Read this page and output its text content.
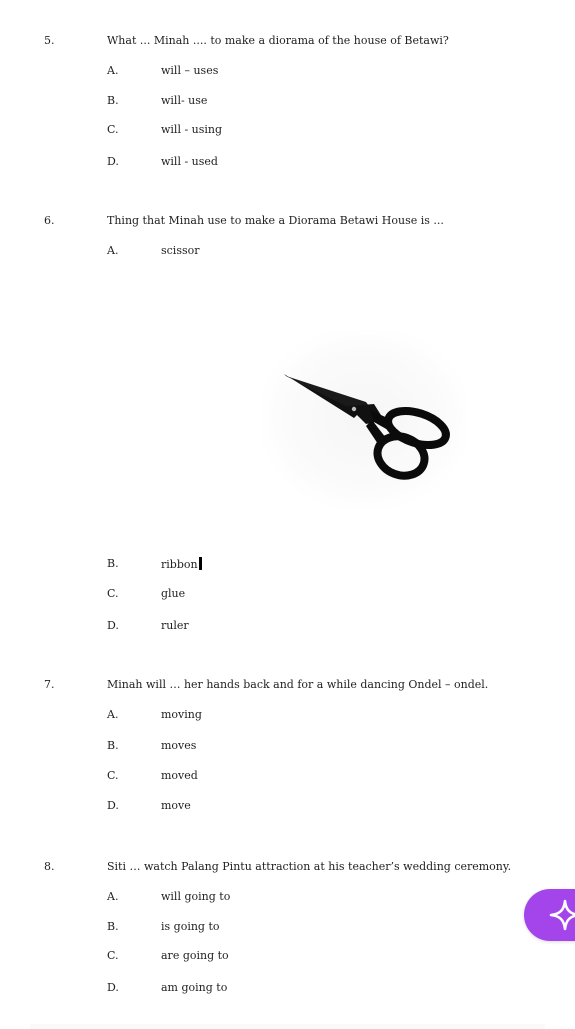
5.	What ... Minah .... to make a diorama of the house of Betawi?
A.	will – uses
B.	will- use
C.	will - using
D.	will - used
6.	Thing that Minah use to make a Diorama Betawi House is ...
A.	scissor
B.	ribbon
C.	glue
D.	ruler
7.	Minah will … her hands back and for a while dancing Ondel – ondel.
A.	moving
B.	moves
C.	moved
D.	move
8.	Siti … watch Palang Pintu attraction at his teacher’s wedding ceremony.
A.	will going to
B.	is going to
C.	are going to
D.	am going to
